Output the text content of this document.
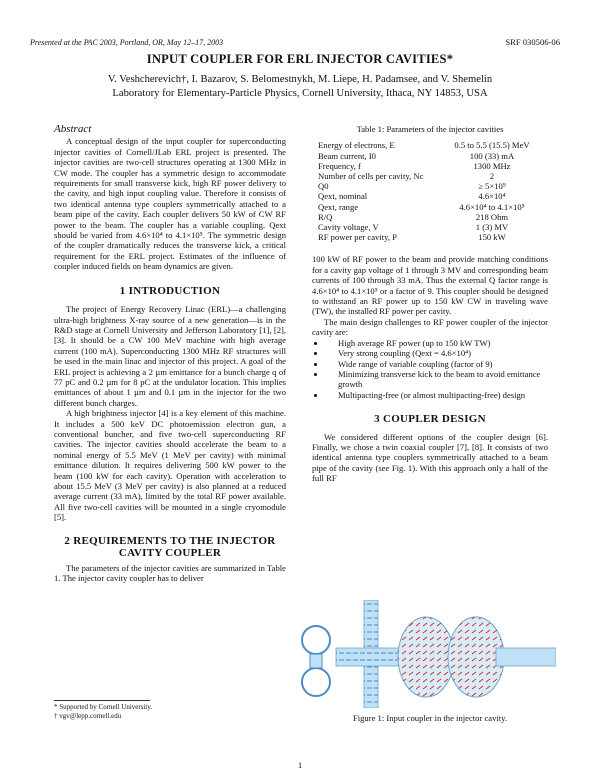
Presented at the PAC 2003, Portland, OR, May 12–17, 2003	SRF 030506-06
INPUT COUPLER FOR ERL INJECTOR CAVITIES*
V. Veshcherevich†, I. Bazarov, S. Belomestnykh, M. Liepe, H. Padamsee, and V. Shemelin
Laboratory for Elementary-Particle Physics, Cornell University, Ithaca, NY 14853, USA
Abstract

A conceptual design of the input coupler for superconducting injector cavities of Cornell/JLab ERL project is presented. The injector cavities are two-cell structures operating at 1300 MHz in CW mode. The coupler has a symmetric design to accommodate requirements for small transverse kick, high RF power delivery to the cavity, and high input coupling value. Therefore it consists of two identical antenna type couplers symmetrically attached to a beam pipe of the cavity. Each coupler delivers 50 kW of CW RF power to the beam. The coupler has a variable coupling. Qext should be varied from 4.6×10⁴ to 4.1×10⁵. The symmetric design of the coupler dramatically reduces the transverse kick, a critical requirement for the ERL project. Estimates of the influence of coupler induced fields on beam dynamics are given.

1 INTRODUCTION

The project of Energy Recovery Linac (ERL)—a challenging ultra-high brightness X-ray source of a new generation—is in the R&D stage at Cornell University and Jefferson Laboratory [1], [2], [3]. It should be a CW 100 MeV machine with high average current (100 mA). Superconducting 1300 MHz RF structures will be used in the main linac and injector of this project. A goal of the ERL project is achieving a 2 µm emittance for a bunch charge q of 77 pC and 0.2 µm for 8 pC at the undulator location. This implies emittances of about 1 µm and 0.1 µm in the injector for the two different bunch charges.

A high brightness injector [4] is a key element of this machine. It includes a 500 keV DC photoemission electron gun, a conventional buncher, and five two-cell superconducting RF cavities. The injector cavities should accelerate the beam to a nominal energy of 5.5 MeV (1 MeV per cavity) with minimal emittance dilution. It requires delivering 500 kW power to the beam (100 kW for each cavity). Operation with acceleration to about 15.5 MeV (3 MeV per cavity) is also planned at a reduced average current (33 mA), limited by the total RF power available. All five two-cell cavities will be mounted in a single cryomodule [5].

2 REQUIREMENTS TO THE INJECTOR
CAVITY COUPLER

The parameters of the injector cavities are summarized in Table 1. The injector cavity coupler has to deliver

* Supported by Cornell University.
† vgv@lepp.cornell.edu
Table 1: Parameters of the injector cavities
Energy of electrons, E	0.5 to 5.5 (15.5) MeV
Beam current, I0	100 (33) mA
Frequency, f	1300 MHz
Number of cells per cavity, Nc	2
Q0	≥ 5×10⁹
Qext, nominal	4.6×10⁴
Qext, range	4.6×10⁴ to 4.1×10⁵
R/Q	218 Ohm
Cavity voltage, V	1 (3) MV
RF power per cavity, P	150 kW

100 kW of RF power to the beam and provide matching conditions for a cavity gap voltage of 1 through 3 MV and corresponding beam currents of 100 through 33 mA. Thus the external Q factor range is 4.6×10⁴ to 4.1×10⁵ or a factor of 9. This coupler should be designed to withstand an RF power up to 150 kW CW in traveling wave (TW), the installed RF power per cavity.

The main design challenges to RF power coupler of the injector cavity are:

• High average RF power (up to 150 kW TW)
• Very strong coupling (Qext = 4.6×10⁴)
• Wide range of variable coupling (factor of 9)
• Minimizing transverse kick to the beam to avoid emittance growth
• Multipacting-free (or almost multipacting-free) design
3 COUPLER DESIGN

We considered different options of the coupler design [6]. Finally, we chose a twin coaxial coupler [7], [8]. It consists of two identical antenna type couplers symmetrically attached to a beam pipe of the cavity (see Fig. 1). With this approach only a half of the full RF

Figure 1: Input coupler in the injector cavity.
1
